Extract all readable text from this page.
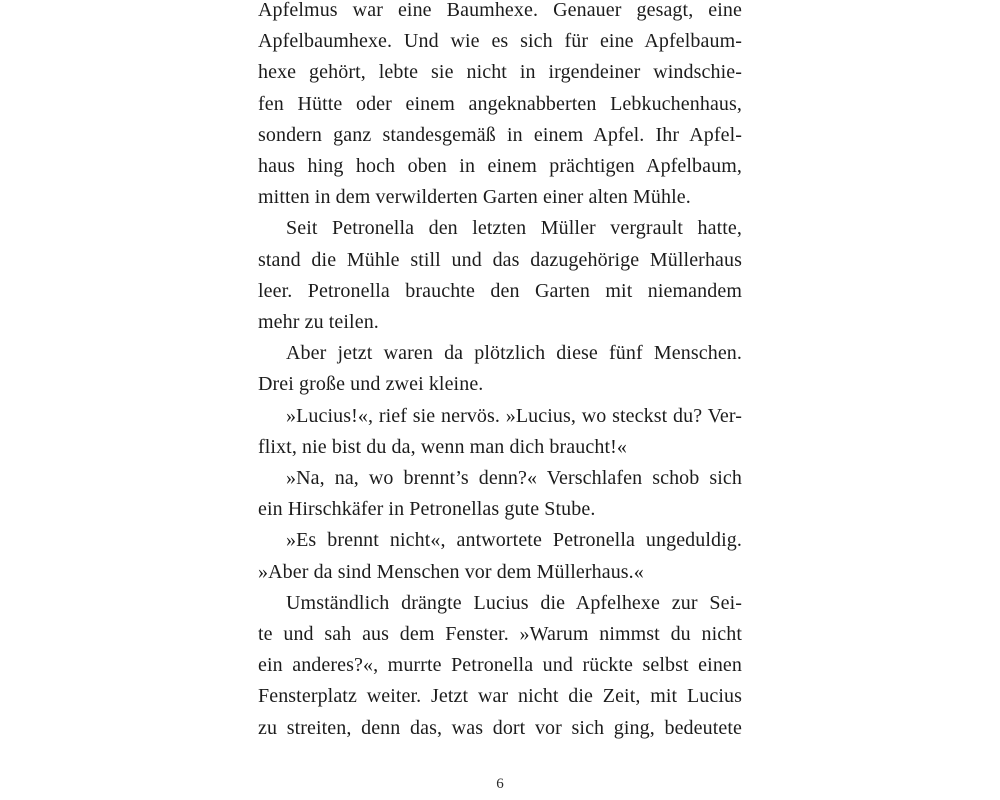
Apfelmus war eine Baumhexe. Genauer gesagt, eine
Apfelbaumhexe. Und wie es sich für eine Apfelbaum-
hexe gehört, lebte sie nicht in irgendeiner windschie-
fen Hütte oder einem angeknabberten Lebkuchenhaus,
sondern ganz standesgemäß in einem Apfel. Ihr Apfel-
haus hing hoch oben in einem prächtigen Apfelbaum,
mitten in dem verwilderten Garten einer alten Mühle.
Seit Petronella den letzten Müller vergrault hatte,
stand die Mühle still und das dazugehörige Müllerhaus
leer. Petronella brauchte den Garten mit niemandem
mehr zu teilen.
Aber jetzt waren da plötzlich diese fünf Menschen.
Drei große und zwei kleine.
»Lucius!«, rief sie nervös. »Lucius, wo steckst du? Ver-
flixt, nie bist du da, wenn man dich braucht!«
»Na, na, wo brennt’s denn?« Verschlafen schob sich
ein Hirschkäfer in Petronellas gute Stube.
»Es brennt nicht«, antwortete Petronella ungeduldig.
»Aber da sind Menschen vor dem Müllerhaus.«
Umständlich drängte Lucius die Apfelhexe zur Sei-
te und sah aus dem Fenster. »Warum nimmst du nicht
ein anderes?«, murrte Petronella und rückte selbst einen
Fensterplatz weiter. Jetzt war nicht die Zeit, mit Lucius
zu streiten, denn das, was dort vor sich ging, bedeutete
6
